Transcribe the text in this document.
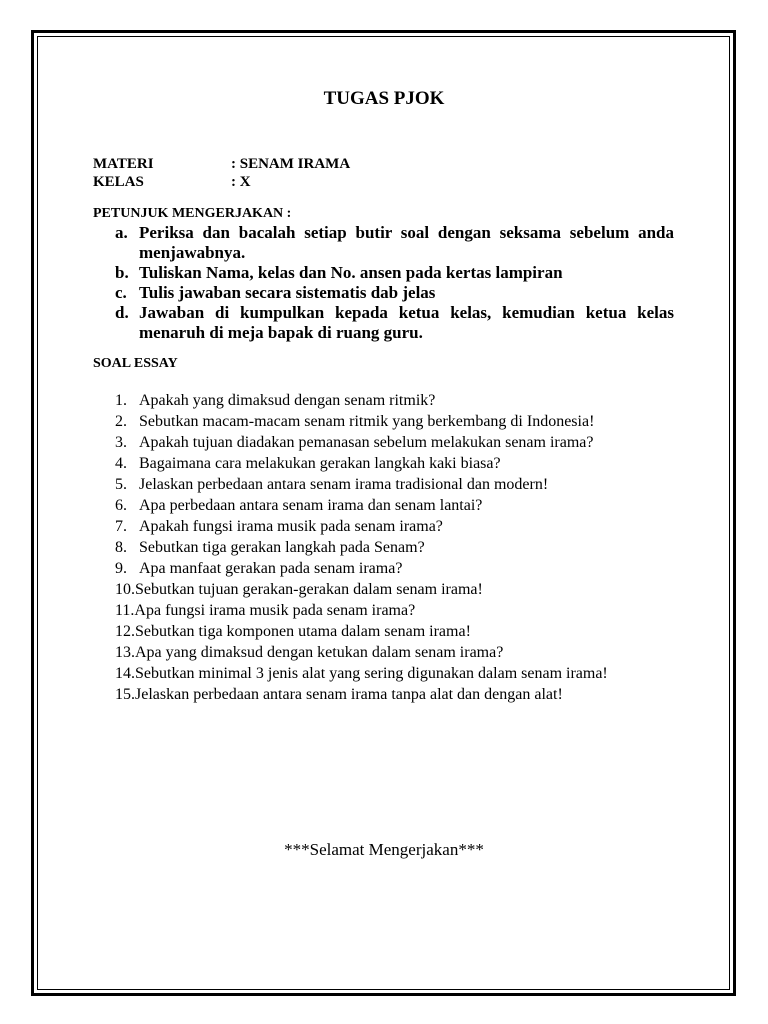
TUGAS PJOK
MATERI	: SENAM IRAMA
KELAS	: X
PETUNJUK MENGERJAKAN :
a. Periksa dan bacalah setiap butir soal dengan seksama sebelum anda menjawabnya.
b. Tuliskan Nama, kelas dan No. ansen pada kertas lampiran
c. Tulis jawaban secara sistematis dab jelas
d. Jawaban di kumpulkan kepada ketua kelas, kemudian ketua kelas menaruh di meja bapak di ruang guru.
SOAL ESSAY
1. Apakah yang dimaksud dengan senam ritmik?
2. Sebutkan macam-macam senam ritmik yang berkembang di Indonesia!
3. Apakah tujuan diadakan pemanasan sebelum melakukan senam irama?
4. Bagaimana cara melakukan gerakan langkah kaki biasa?
5. Jelaskan perbedaan antara senam irama tradisional dan modern!
6. Apa perbedaan antara senam irama dan senam lantai?
7. Apakah fungsi irama musik pada senam irama?
8. Sebutkan tiga gerakan langkah pada Senam?
9. Apa manfaat gerakan pada senam irama?
10. Sebutkan tujuan gerakan-gerakan dalam senam irama!
11. Apa fungsi irama musik pada senam irama?
12. Sebutkan tiga komponen utama dalam senam irama!
13. Apa yang dimaksud dengan ketukan dalam senam irama?
14. Sebutkan minimal 3 jenis alat yang sering digunakan dalam senam irama!
15. Jelaskan perbedaan antara senam irama tanpa alat dan dengan alat!
***Selamat Mengerjakan***
